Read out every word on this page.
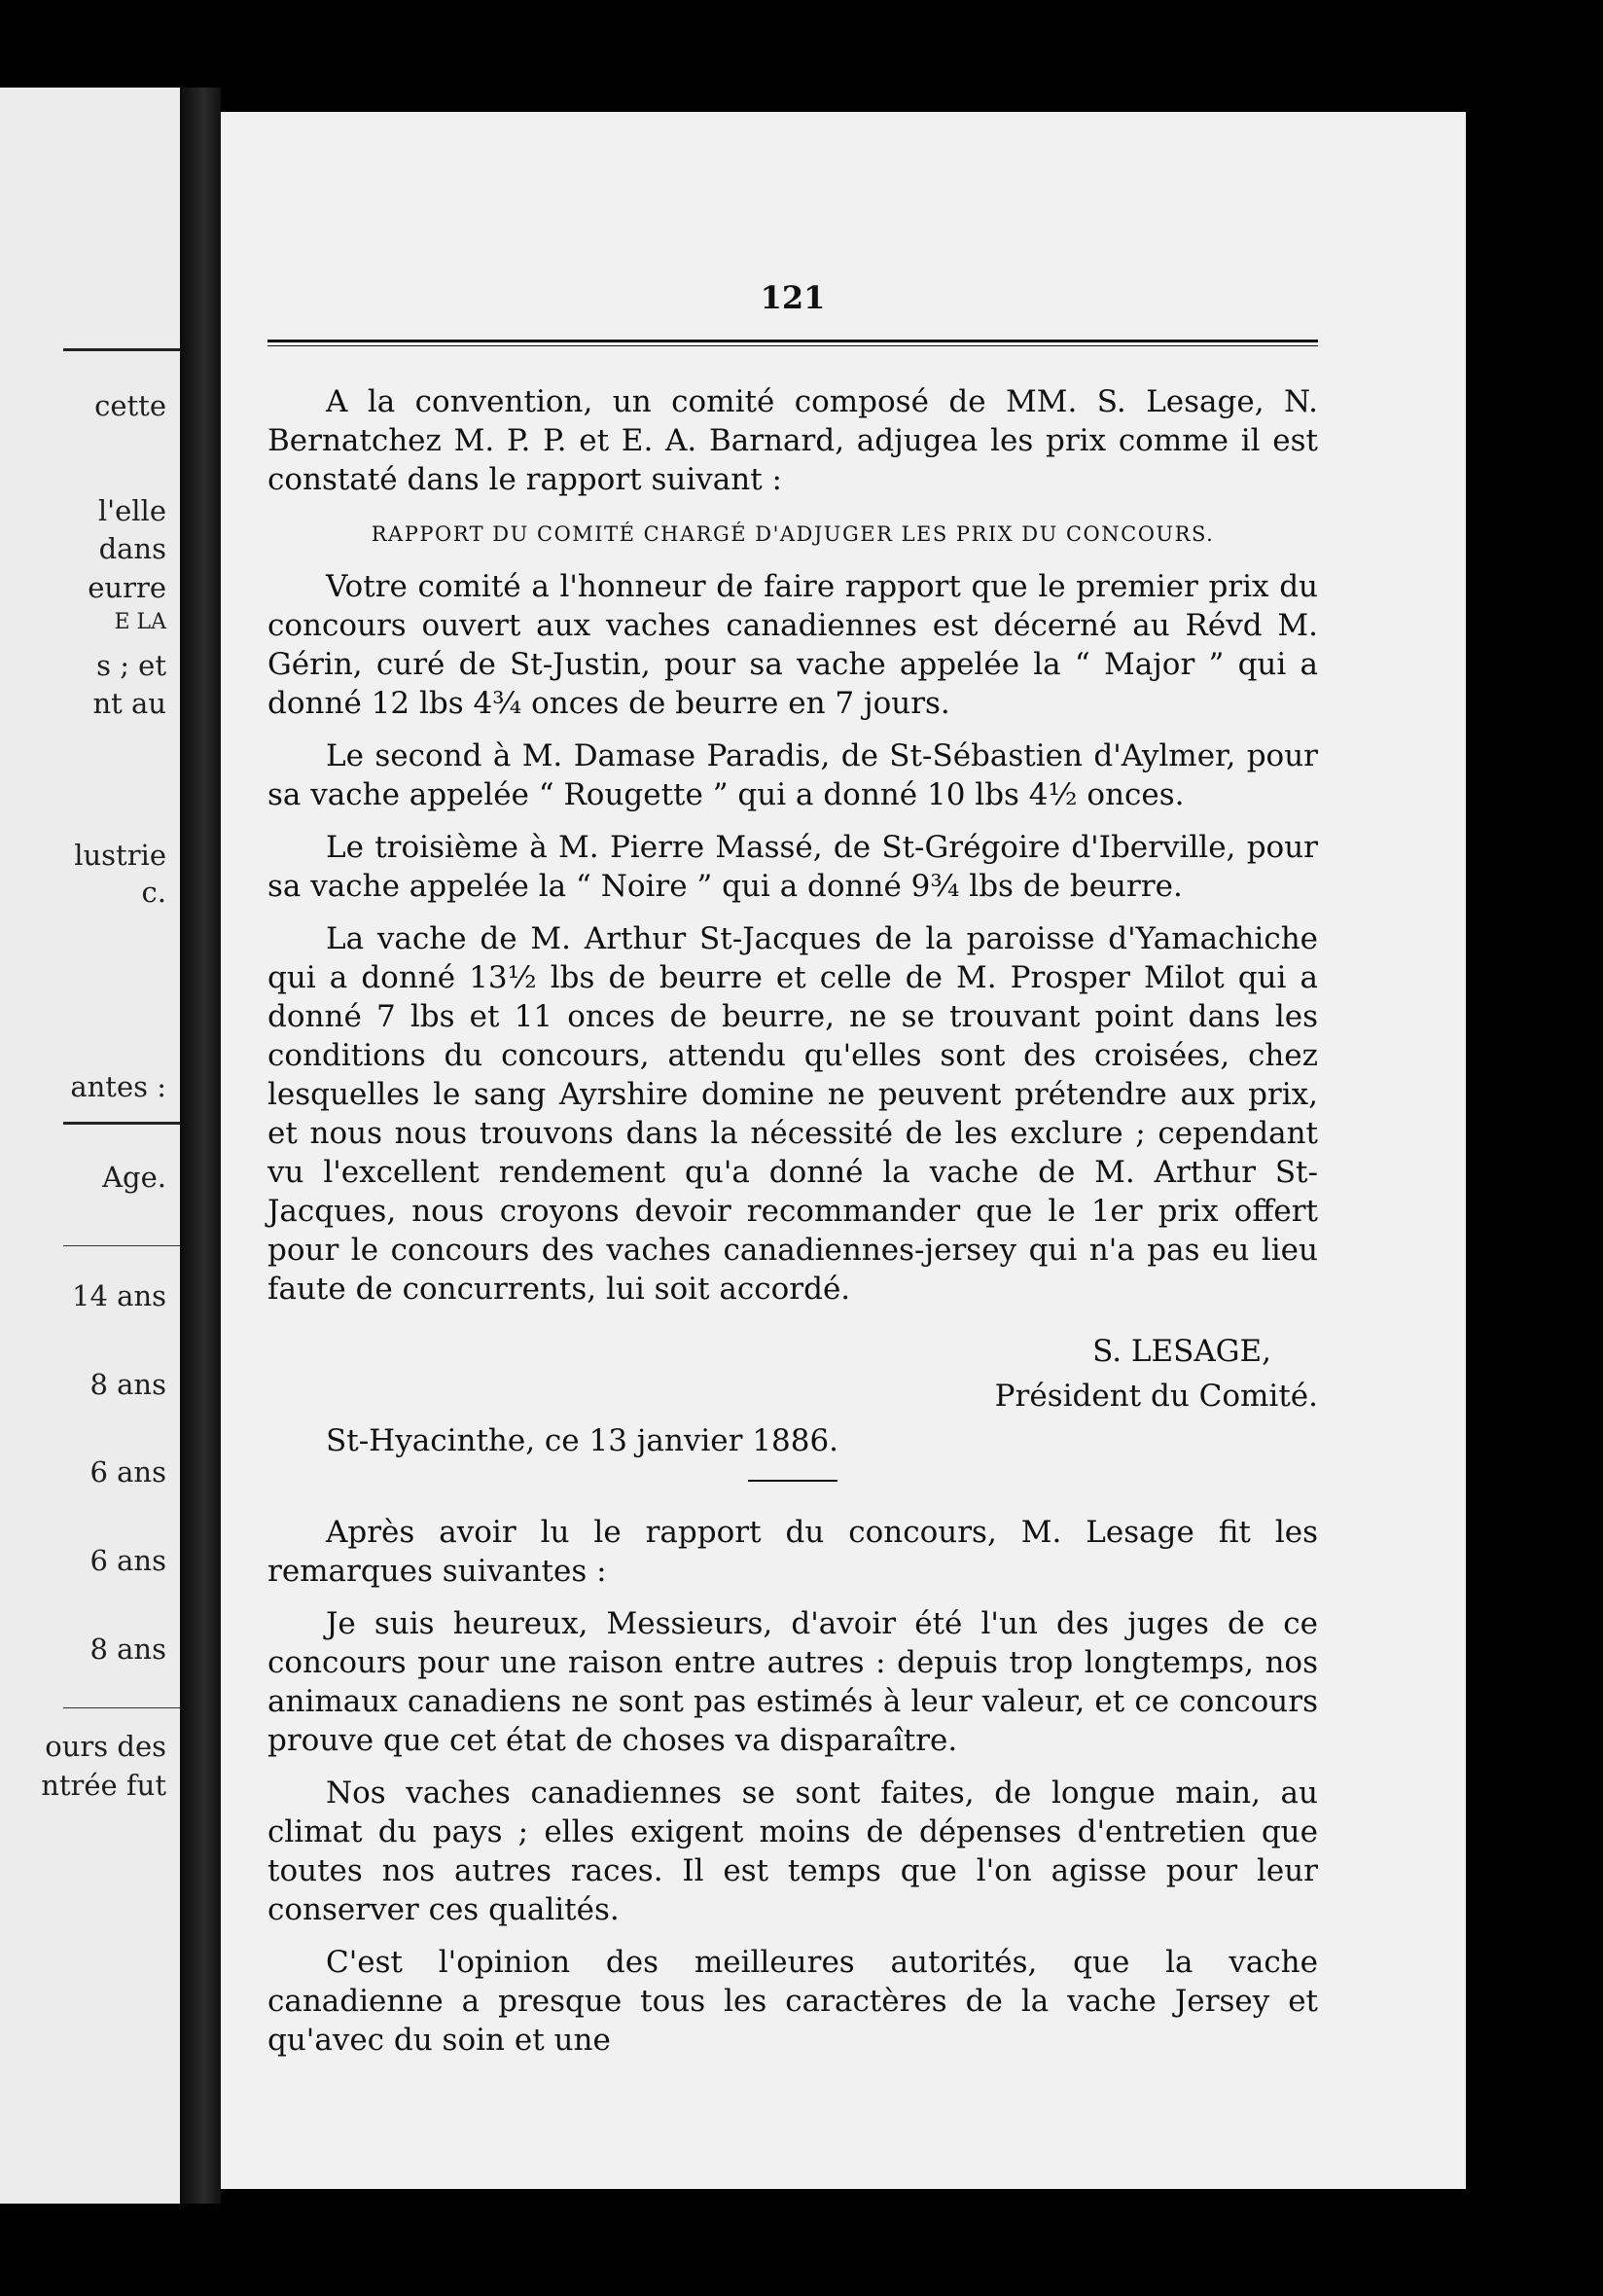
cette
l'elle
dans
eurre
E LA
s ; et
nt au
lustrie
c.
antes :
Age.
14 ans
8 ans
6 ans
6 ans
8 ans
ours des
ntrée fut
121

A la convention, un comité composé de MM. S. Lesage, N. Bernatchez M. P. P. et E. A. Barnard, adjugea les prix comme il est constaté dans le rapport suivant :

RAPPORT DU COMITÉ CHARGÉ D'ADJUGER LES PRIX DU CONCOURS.

Votre comité a l'honneur de faire rapport que le premier prix du concours ouvert aux vaches canadiennes est décerné au Révd M. Gérin, curé de St-Justin, pour sa vache appelée la “ Major ” qui a donné 12 lbs 4¾ onces de beurre en 7 jours.

Le second à M. Damase Paradis, de St-Sébastien d'Aylmer, pour sa vache appelée “ Rougette ” qui a donné 10 lbs 4½ onces.

Le troisième à M. Pierre Massé, de St-Grégoire d'Iberville, pour sa vache appelée la “ Noire ” qui a donné 9¾ lbs de beurre.

La vache de M. Arthur St-Jacques de la paroisse d'Yamachiche qui a donné 13½ lbs de beurre et celle de M. Prosper Milot qui a donné 7 lbs et 11 onces de beurre, ne se trouvant point dans les conditions du concours, attendu qu'elles sont des croisées, chez lesquelles le sang Ayrshire domine ne peuvent prétendre aux prix, et nous nous trouvons dans la nécessité de les exclure ; cependant vu l'excellent rendement qu'a donné la vache de M. Arthur St-Jacques, nous croyons devoir recommander que le 1er prix offert pour le concours des vaches canadiennes-jersey qui n'a pas eu lieu faute de concurrents, lui soit accordé.

S. LESAGE,
Président du Comité.
St-Hyacinthe, ce 13 janvier 1886.

Après avoir lu le rapport du concours, M. Lesage fit les remarques suivantes :

Je suis heureux, Messieurs, d'avoir été l'un des juges de ce concours pour une raison entre autres : depuis trop longtemps, nos animaux canadiens ne sont pas estimés à leur valeur, et ce concours prouve que cet état de choses va disparaître.

Nos vaches canadiennes se sont faites, de longue main, au climat du pays ; elles exigent moins de dépenses d'entretien que toutes nos autres races. Il est temps que l'on agisse pour leur conserver ces qualités.

C'est l'opinion des meilleures autorités, que la vache canadienne a presque tous les caractères de la vache Jersey et qu'avec du soin et une
